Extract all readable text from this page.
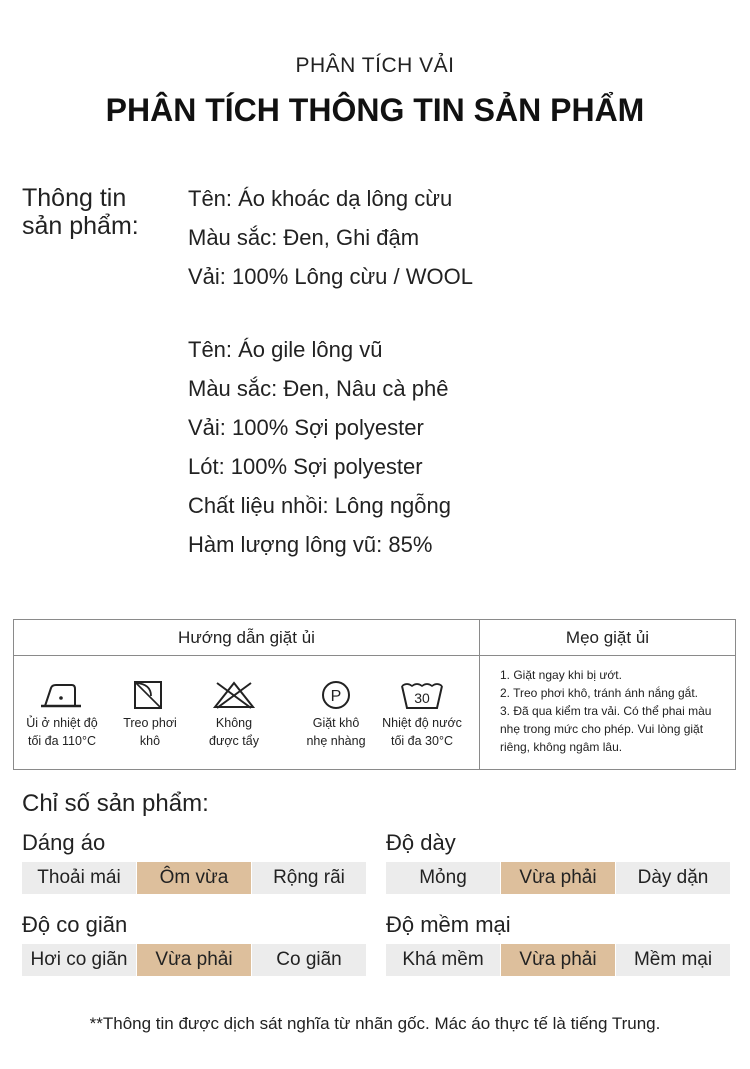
PHÂN TÍCH VẢI
PHÂN TÍCH THÔNG TIN SẢN PHẨM
Thông tin
sản phẩm:
Tên: Áo khoác dạ lông cừu
Màu sắc: Đen, Ghi đậm
Vải: 100% Lông cừu / WOOL
Tên: Áo gile lông vũ
Màu sắc: Đen, Nâu cà phê
Vải: 100% Sợi polyester
Lót: 100% Sợi polyester
Chất liệu nhồi: Lông ngỗng
Hàm lượng lông vũ: 85%
Hướng dẫn giặt ủi
Ủi ở nhiệt độ
tối đa 110°C
Treo phơi
khô
Không
được tẩy
P
Giặt khô
nhẹ nhàng
30
Nhiệt độ nước
tối đa 30°C
Mẹo giặt ủi
1. Giặt ngay khi bị ướt.
2. Treo phơi khô, tránh ánh nắng gắt.
3. Đã qua kiểm tra vải. Có thể phai màu nhẹ trong mức cho phép. Vui lòng giặt riêng, không ngâm lâu.
Chỉ số sản phẩm:
Dáng áo
Thoải mái	Ôm vừa	Rộng rãi
Độ dày
Mỏng	Vừa phải	Dày dặn
Độ co giãn
Hơi co giãn	Vừa phải	Co giãn
Độ mềm mại
Khá mềm	Vừa phải	Mềm mại
**Thông tin được dịch sát nghĩa từ nhãn gốc. Mác áo thực tế là tiếng Trung.
